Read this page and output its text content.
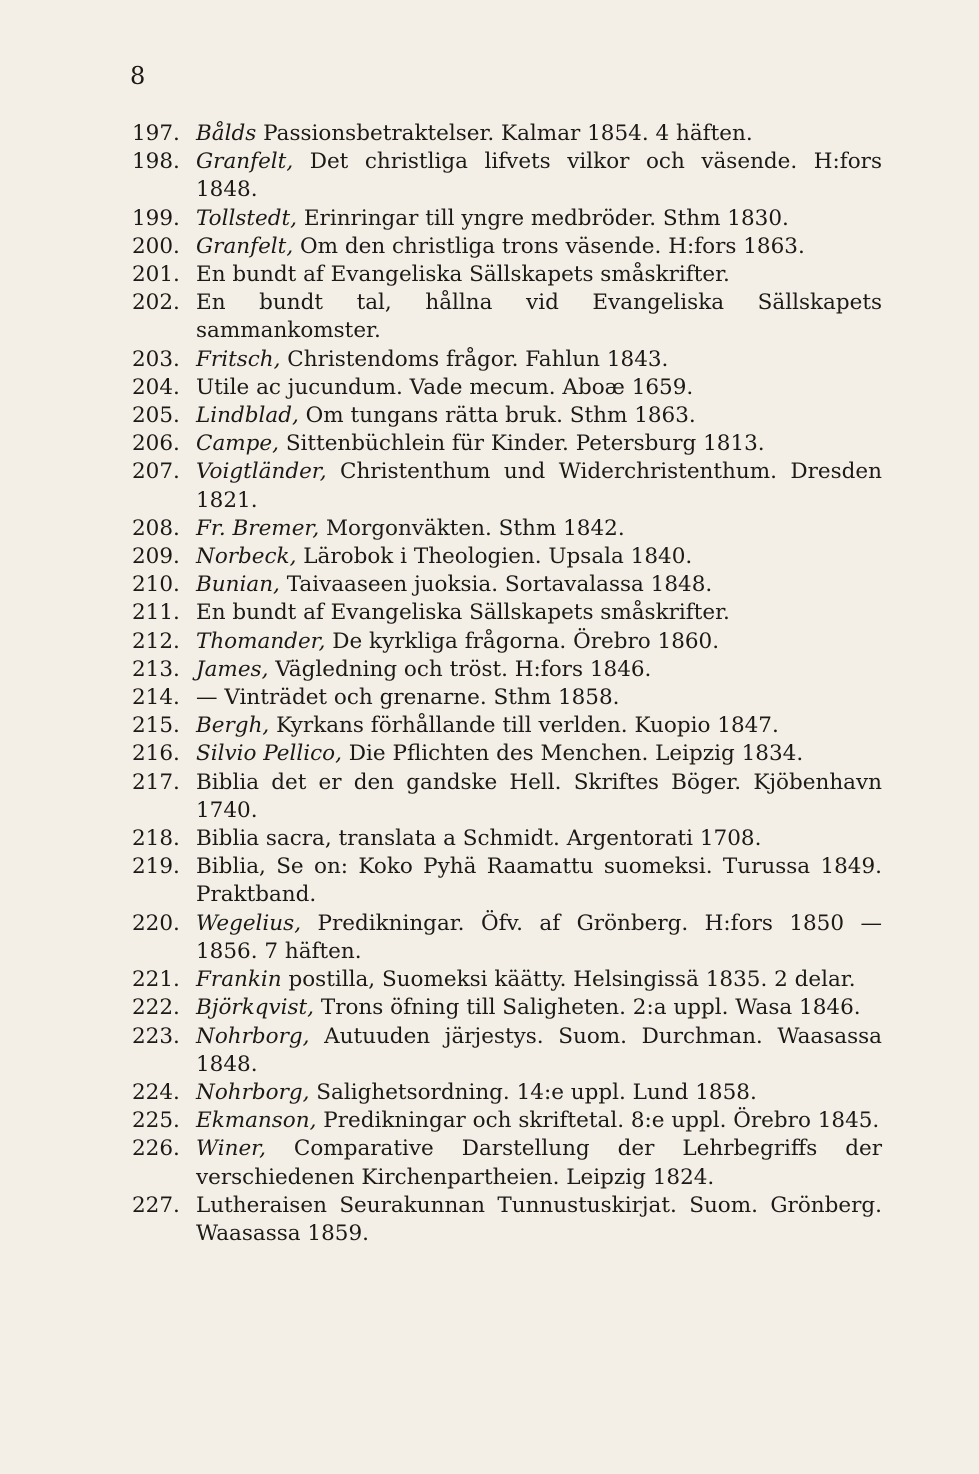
8
197. Bålds Passionsbetraktelser. Kalmar 1854. 4 häften.
198. Granfelt, Det christliga lifvets vilkor och väsende. H:fors 1848.
199. Tollstedt, Erinringar till yngre medbröder. Sthm 1830.
200. Granfelt, Om den christliga trons väsende. H:fors 1863.
201. En bundt af Evangeliska Sällskapets småskrifter.
202. En bundt tal, hållna vid Evangeliska Sällskapets sammankomster.
203. Fritsch, Christendoms frågor. Fahlun 1843.
204. Utile ac jucundum. Vade mecum. Aboæ 1659.
205. Lindblad, Om tungans rätta bruk. Sthm 1863.
206. Campe, Sittenbüchlein für Kinder. Petersburg 1813.
207. Voigtländer, Christenthum und Widerchristenthum. Dresden 1821.
208. Fr. Bremer, Morgonväkten. Sthm 1842.
209. Norbeck, Lärobok i Theologien. Upsala 1840.
210. Bunian, Taivaaseen juoksia. Sortavalassa 1848.
211. En bundt af Evangeliska Sällskapets småskrifter.
212. Thomander, De kyrkliga frågorna. Örebro 1860.
213. James, Vägledning och tröst. H:fors 1846.
214. — Vinträdet och grenarne. Sthm 1858.
215. Bergh, Kyrkans förhållande till verlden. Kuopio 1847.
216. Silvio Pellico, Die Pflichten des Menchen. Leipzig 1834.
217. Biblia det er den gandske Hell. Skriftes Böger. Kjöbenhavn 1740.
218. Biblia sacra, translata a Schmidt. Argentorati 1708.
219. Biblia, Se on: Koko Pyhä Raamattu suomeksi. Turussa 1849. Praktband.
220. Wegelius, Predikningar. Öfv. af Grönberg. H:fors 1850 — 1856. 7 häften.
221. Frankin postilla, Suomeksi käätty. Helsingissä 1835. 2 delar.
222. Björkqvist, Trons öfning till Saligheten. 2:a uppl. Wasa 1846.
223. Nohrborg, Autuuden järjestys. Suom. Durchman. Waasassa 1848.
224. Nohrborg, Salighetsordning. 14:e uppl. Lund 1858.
225. Ekmanson, Predikningar och skriftetal. 8:e uppl. Örebro 1845.
226. Winer, Comparative Darstellung der Lehrbegriffs der verschiedenen Kirchenpartheien. Leipzig 1824.
227. Lutheraisen Seurakunnan Tunnustuskirjat. Suom. Grönberg. Waasassa 1859.
